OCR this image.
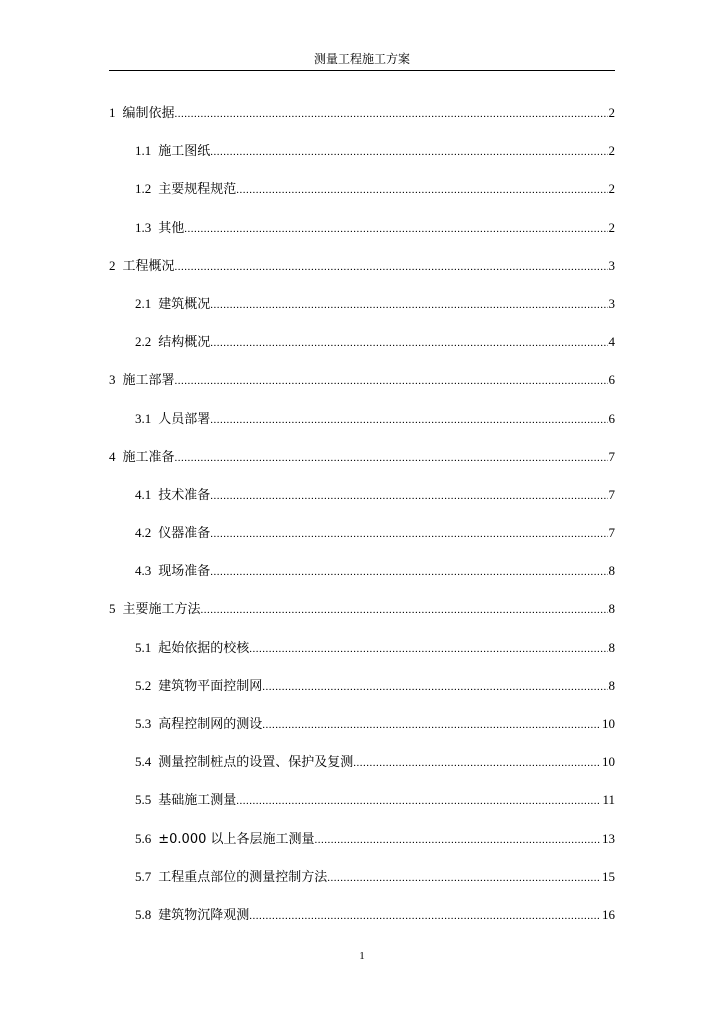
测量工程施工方案
1 编制依据 .....	2
1.1 施工图纸 .....	2
1.2 主要规程规范 .....	2
1.3 其他 .....	2
2 工程概况 .....	3
2.1 建筑概况 .....	3
2.2 结构概况 .....	4
3 施工部署 .....	6
3.1 人员部署 .....	6
4 施工准备 .....	7
4.1 技术准备 .....	7
4.2 仪器准备 .....	7
4.3 现场准备 .....	8
5 主要施工方法 .....	8
5.1 起始依据的校核 .....	8
5.2 建筑物平面控制网 .....	8
5.3 高程控制网的测设 .....	10
5.4 测量控制桩点的设置、保护及复测 .....	10
5.5 基础施工测量 .....	11
5.6 ±0.000 以上各层施工测量 .....	13
5.7 工程重点部位的测量控制方法 .....	15
5.8 建筑物沉降观测 .....	16
1
